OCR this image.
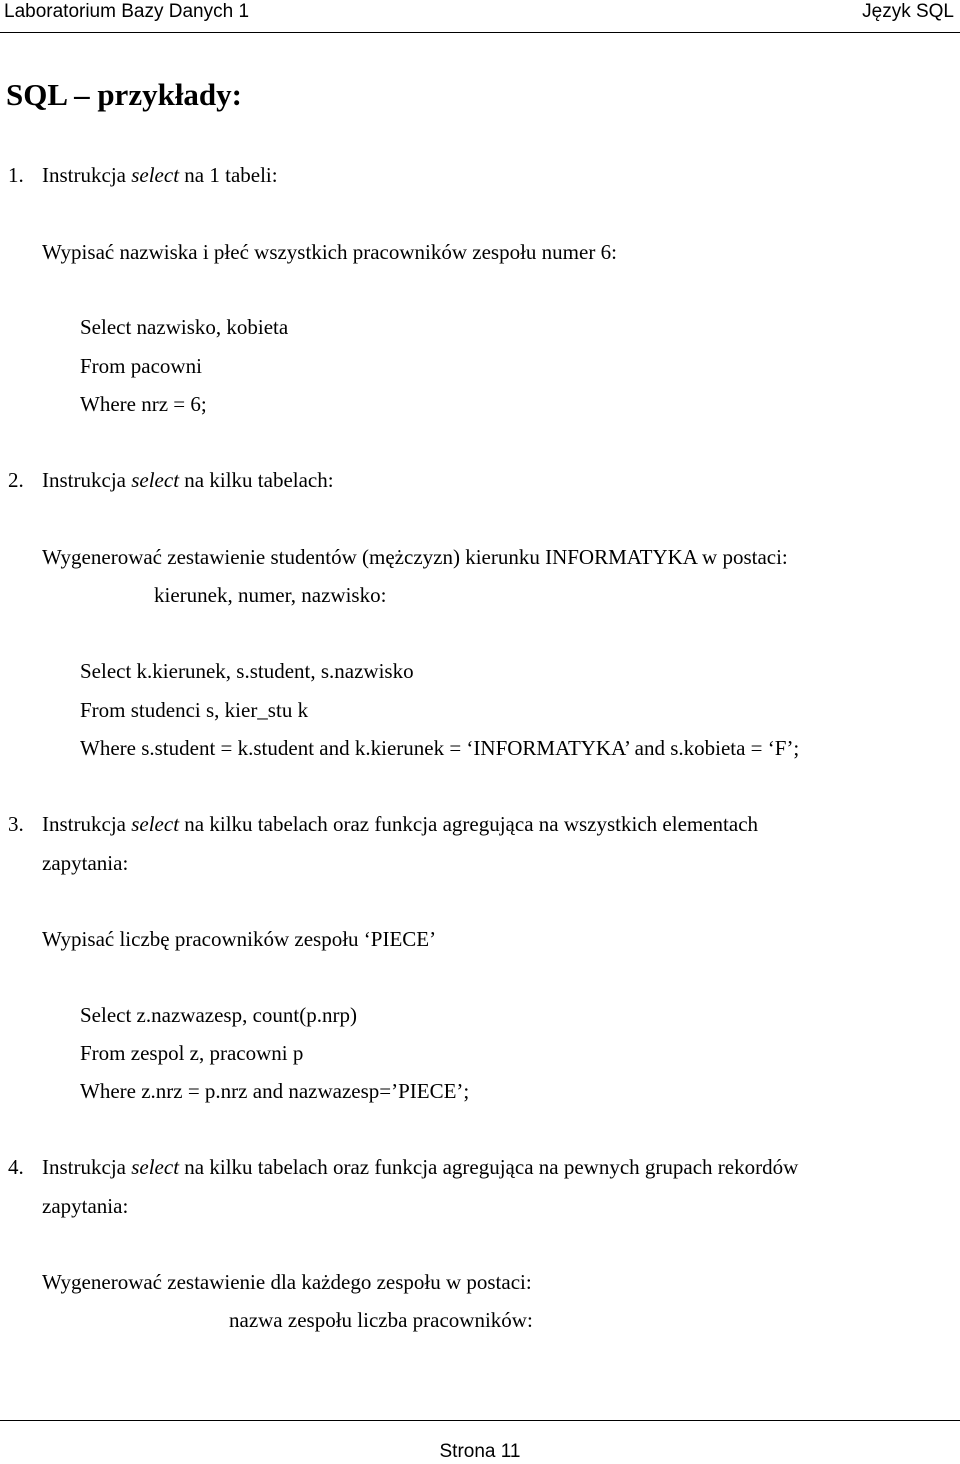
Laboratorium Bazy Danych 1	Język SQL
SQL – przykłady:
1. Instrukcja select na 1 tabeli:
Wypisać nazwiska i płeć wszystkich pracowników zespołu numer 6:
Select nazwisko, kobieta
From pacowni
Where nrz = 6;
2. Instrukcja select na kilku tabelach:
Wygenerować zestawienie studentów (mężczyzn) kierunku INFORMATYKA w postaci:
kierunek, numer, nazwisko:
Select k.kierunek, s.student, s.nazwisko
From studenci s, kier_stu k
Where s.student = k.student and k.kierunek = ‘INFORMATYKA’ and s.kobieta = ‘F’;
3. Instrukcja select na kilku tabelach oraz funkcja agregująca na wszystkich elementach
zapytania:
Wypisać liczbę pracowników zespołu ‘PIECE’
Select z.nazwazesp, count(p.nrp)
From zespol z, pracowni p
Where z.nrz = p.nrz and nazwazesp=’PIECE’;
4. Instrukcja select na kilku tabelach oraz funkcja agregująca na pewnych grupach rekordów
zapytania:
Wygenerować zestawienie dla każdego zespołu w postaci:
nazwa zespołu liczba pracowników:
Strona 11
